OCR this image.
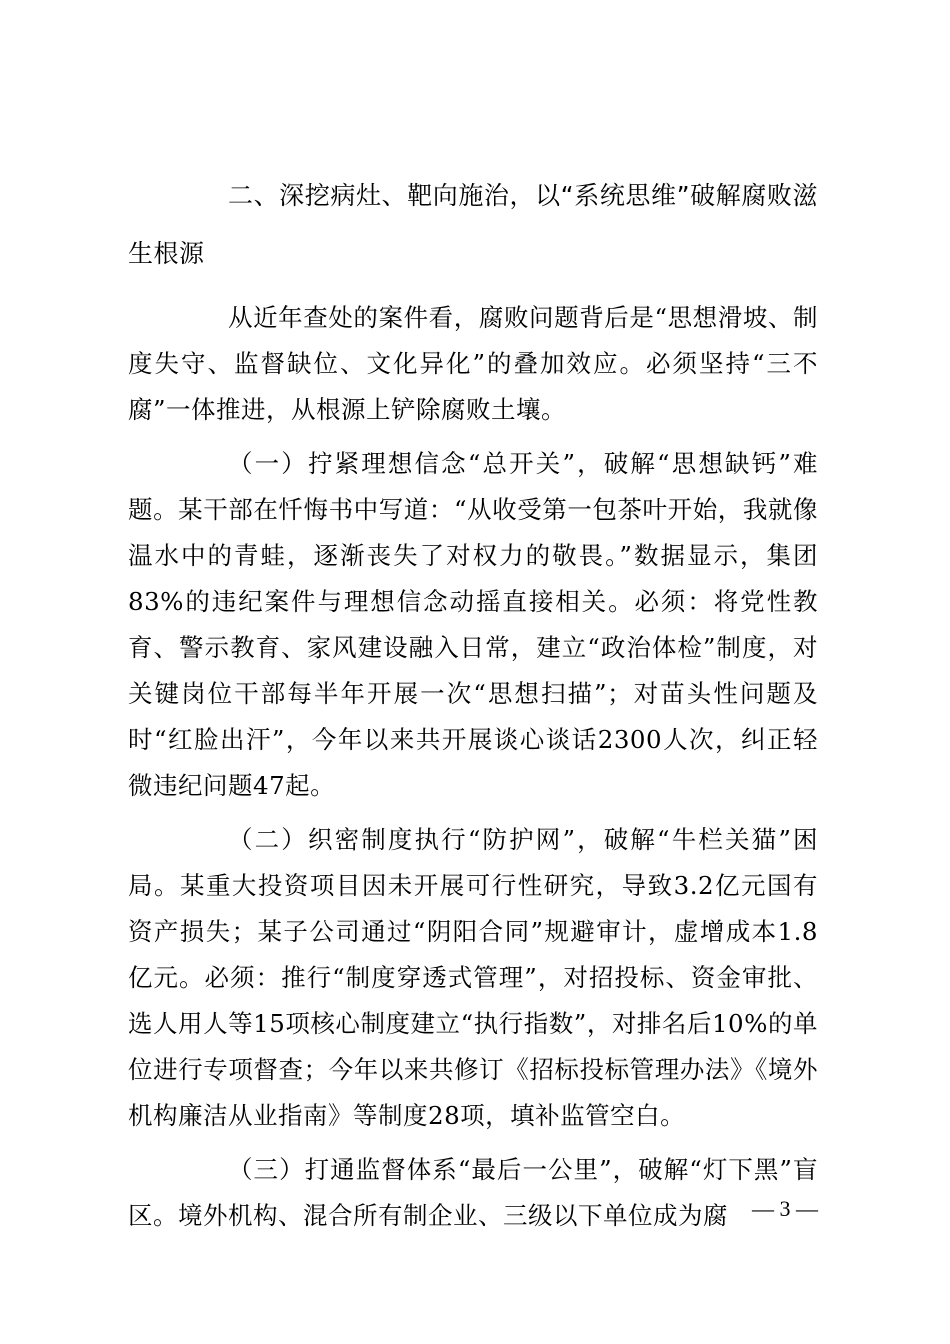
二、深挖病灶、靶向施治，以“系统思维”破解腐败滋生根源

从近年查处的案件看，腐败问题背后是“思想滑坡、制度失守、监督缺位、文化异化”的叠加效应。必须坚持“三不腐”一体推进，从根源上铲除腐败土壤。

（一）拧紧理想信念“总开关”，破解“思想缺钙”难题。某干部在忏悔书中写道：“从收受第一包茶叶开始，我就像温水中的青蛙，逐渐丧失了对权力的敬畏。”数据显示，集团83%的违纪案件与理想信念动摇直接相关。必须：将党性教育、警示教育、家风建设融入日常，建立“政治体检”制度，对关键岗位干部每半年开展一次“思想扫描”；对苗头性问题及时“红脸出汗”，今年以来共开展谈心谈话2300人次，纠正轻微违纪问题47起。

（二）织密制度执行“防护网”，破解“牛栏关猫”困局。某重大投资项目因未开展可行性研究，导致3.2亿元国有资产损失；某子公司通过“阴阳合同”规避审计，虚增成本1.8亿元。必须：推行“制度穿透式管理”，对招投标、资金审批、选人用人等15项核心制度建立“执行指数”，对排名后10%的单位进行专项督查；今年以来共修订《招标投标管理办法》《境外机构廉洁从业指南》等制度28项，填补监管空白。

（三）打通监督体系“最后一公里”，破解“灯下黑”盲区。境外机构、混合所有制企业、三级以下单位成为腐	— 3 —
